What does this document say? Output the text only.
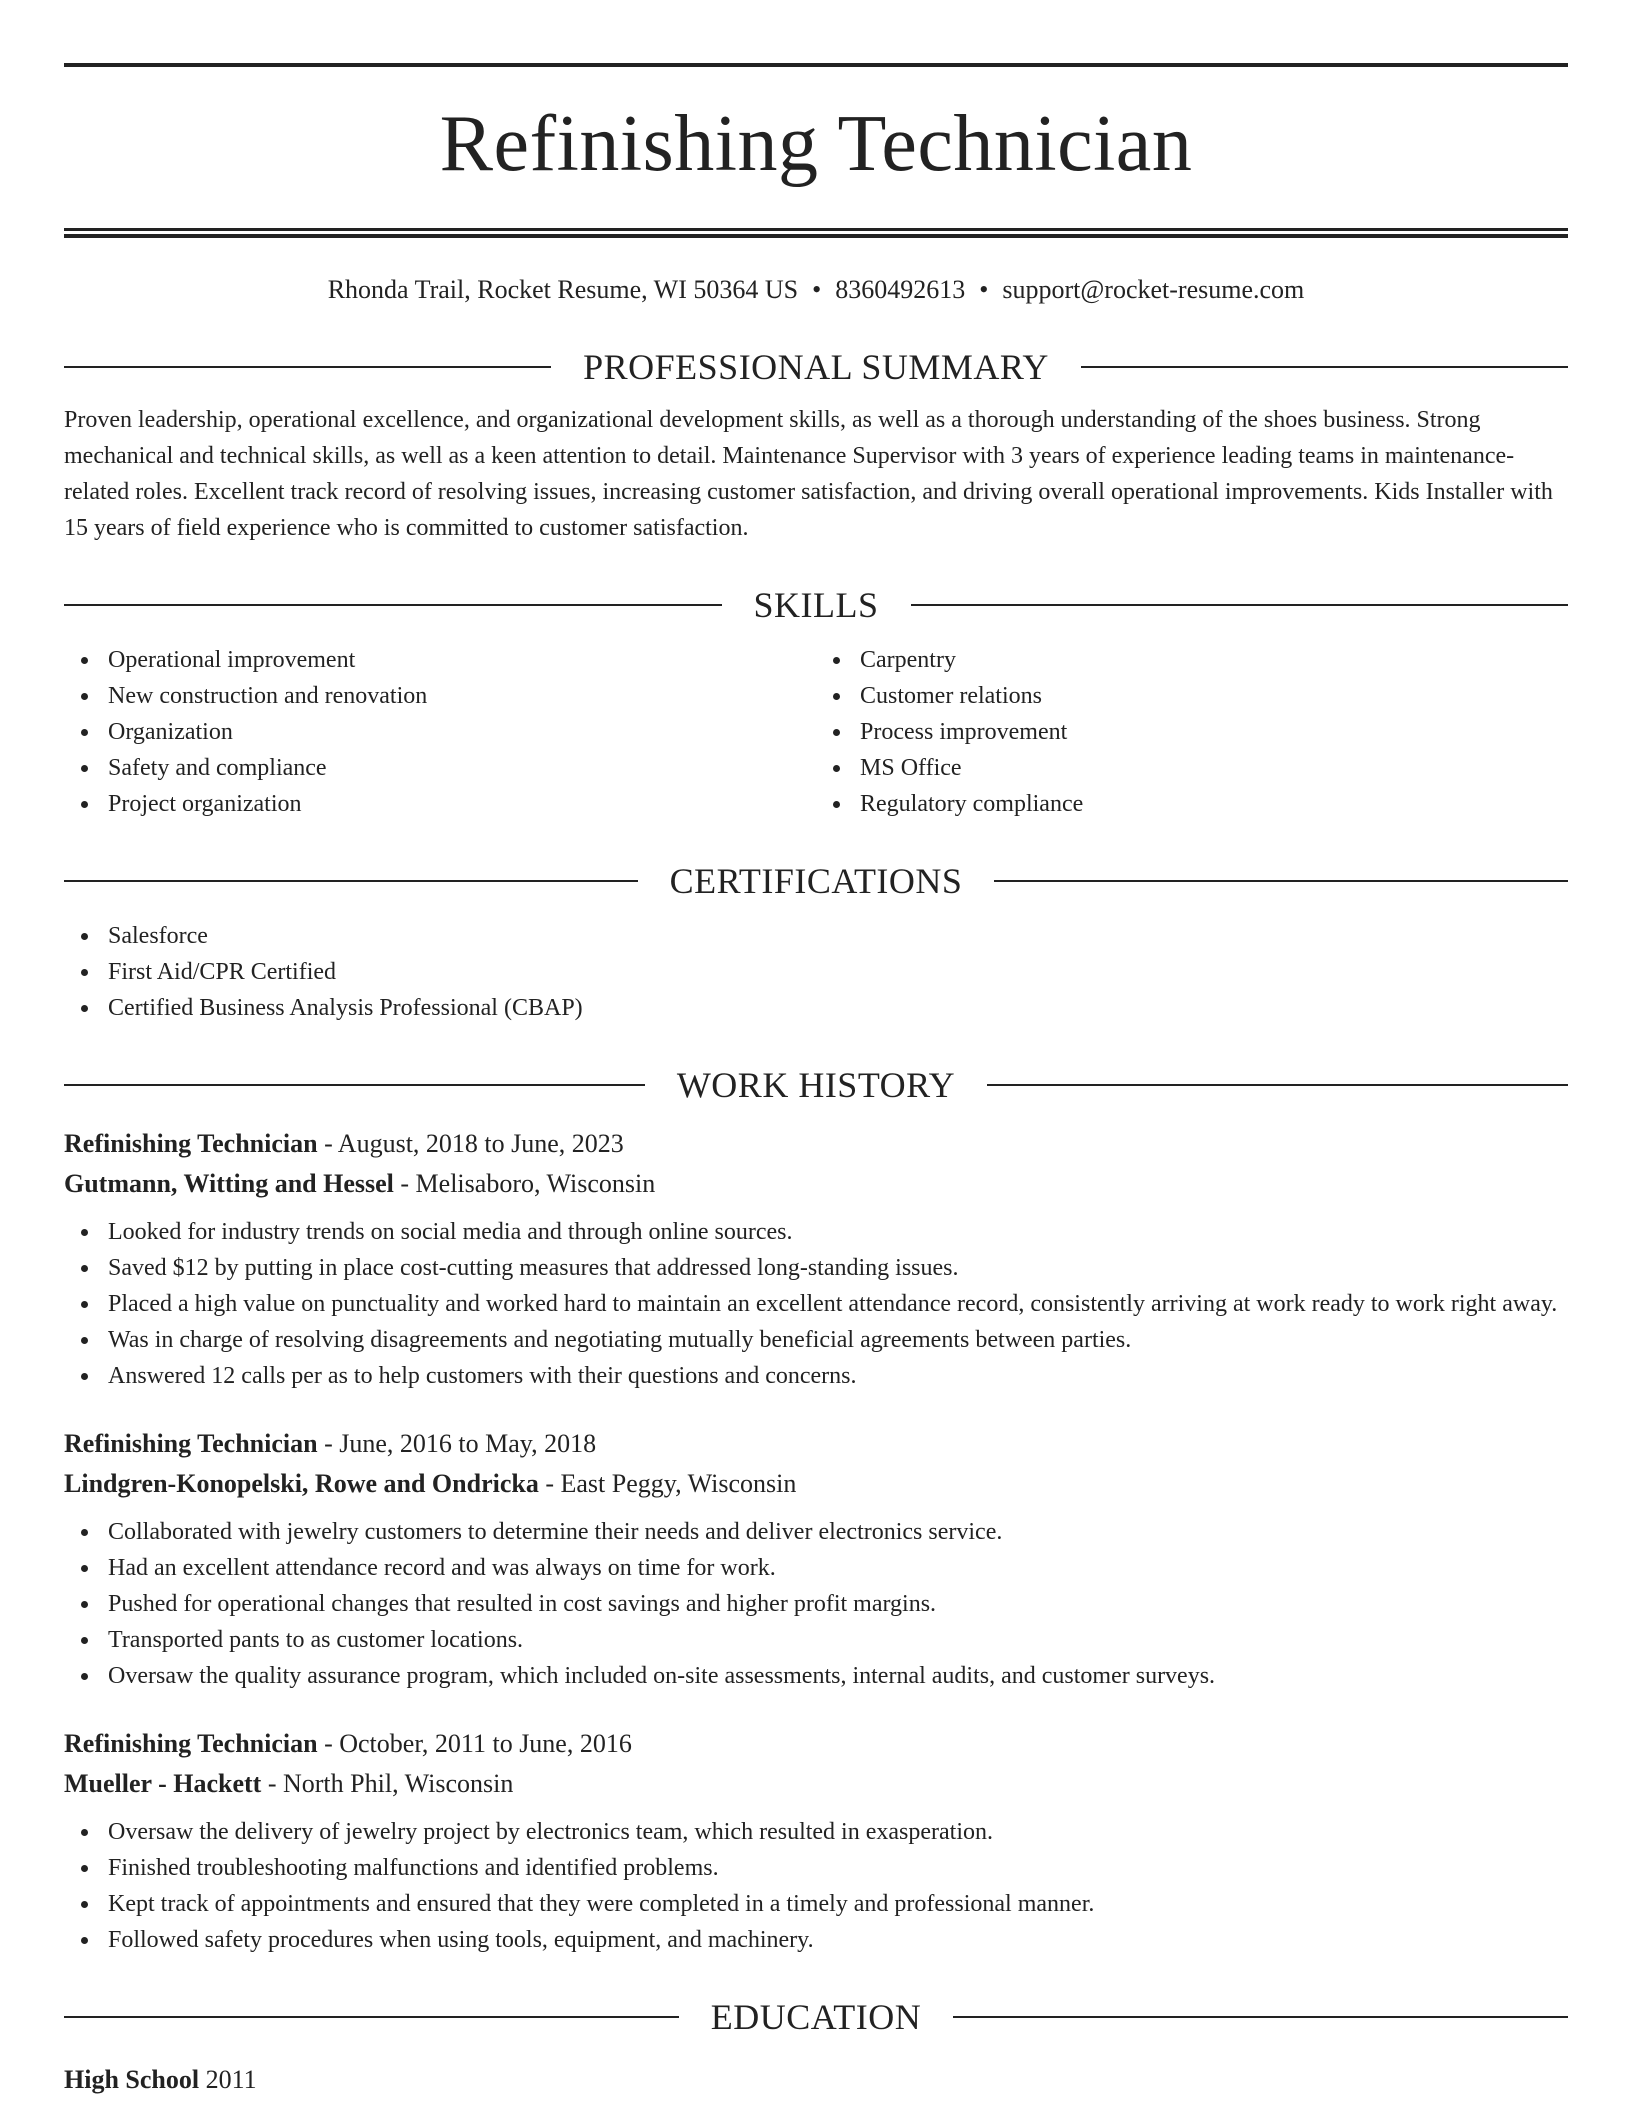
Refinishing Technician
Rhonda Trail, Rocket Resume, WI 50364 US • 8360492613 • support@rocket-resume.com
PROFESSIONAL SUMMARY

Proven leadership, operational excellence, and organizational development skills, as well as a thorough understanding of the shoes business. Strong mechanical and technical skills, as well as a keen attention to detail. Maintenance Supervisor with 3 years of experience leading teams in maintenance-related roles. Excellent track record of resolving issues, increasing customer satisfaction, and driving overall operational improvements. Kids Installer with 15 years of field experience who is committed to customer satisfaction.

SKILLS
Operational improvement
New construction and renovation
Organization
Safety and compliance
Project organization
Carpentry
Customer relations
Process improvement
MS Office
Regulatory compliance
CERTIFICATIONS
Salesforce
First Aid/CPR Certified
Certified Business Analysis Professional (CBAP)
WORK HISTORY
Refinishing Technician - August, 2018 to June, 2023
Gutmann, Witting and Hessel - Melisaboro, Wisconsin
Looked for industry trends on social media and through online sources.
Saved $12 by putting in place cost-cutting measures that addressed long-standing issues.
Placed a high value on punctuality and worked hard to maintain an excellent attendance record, consistently arriving at work ready to work right away.
Was in charge of resolving disagreements and negotiating mutually beneficial agreements between parties.
Answered 12 calls per as to help customers with their questions and concerns.
Refinishing Technician - June, 2016 to May, 2018
Lindgren-Konopelski, Rowe and Ondricka - East Peggy, Wisconsin
Collaborated with jewelry customers to determine their needs and deliver electronics service.
Had an excellent attendance record and was always on time for work.
Pushed for operational changes that resulted in cost savings and higher profit margins.
Transported pants to as customer locations.
Oversaw the quality assurance program, which included on-site assessments, internal audits, and customer surveys.
Refinishing Technician - October, 2011 to June, 2016
Mueller - Hackett - North Phil, Wisconsin
Oversaw the delivery of jewelry project by electronics team, which resulted in exasperation.
Finished troubleshooting malfunctions and identified problems.
Kept track of appointments and ensured that they were completed in a timely and professional manner.
Followed safety procedures when using tools, equipment, and machinery.
EDUCATION
High School 2011
